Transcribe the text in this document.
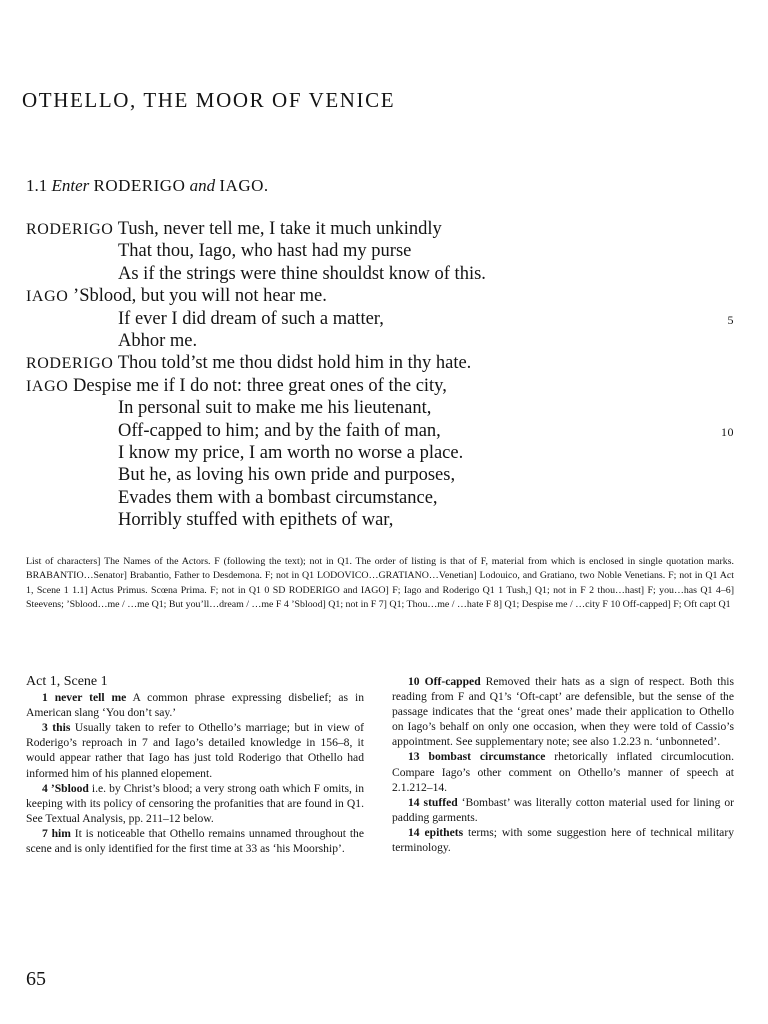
OTHELLO, THE MOOR OF VENICE
1.1 Enter RODERIGO and IAGO.
RODERIGO Tush, never tell me, I take it much unkindly
That thou, Iago, who hast had my purse
As if the strings were thine shouldst know of this.
IAGO ’Sblood, but you will not hear me.
If ever I did dream of such a matter,	5
Abhor me.
RODERIGO Thou told’st me thou didst hold him in thy hate.
IAGO Despise me if I do not: three great ones of the city,
In personal suit to make me his lieutenant,
Off-capped to him; and by the faith of man,	10
I know my price, I am worth no worse a place.
But he, as loving his own pride and purposes,
Evades them with a bombast circumstance,
Horribly stuffed with epithets of war,
List of characters] The Names of the Actors. F (following the text); not in Q1. The order of listing is that of F, material from which is enclosed in single quotation marks. BRABANTIO…Senator] Brabantio, Father to Desdemona. F; not in Q1 LODOVICO…GRATIANO…Venetian] Lodouico, and Gratiano, two Noble Venetians. F; not in Q1 Act 1, Scene 1 1.1] Actus Primus. Scœna Prima. F; not in Q1 0 SD RODERIGO and IAGO] F; Iago and Roderigo Q1 1 Tush,] Q1; not in F 2 thou…hast] F; you…has Q1 4–6] Steevens; ’Sblood…me / …me Q1; But you’ll…dream / …me F 4 ’Sblood] Q1; not in F 7] Q1; Thou…me / …hate F 8] Q1; Despise me / …city F 10 Off-capped] F; Oft capt Q1

Act 1, Scene 1

1 never tell me A common phrase expressing disbelief; as in American slang ‘You don’t say.’

3 this Usually taken to refer to Othello’s marriage; but in view of Roderigo’s reproach in 7 and Iago’s detailed knowledge in 156–8, it would appear rather that Iago has just told Roderigo that Othello had informed him of his planned elopement.

4 ’Sblood i.e. by Christ’s blood; a very strong oath which F omits, in keeping with its policy of censoring the profanities that are found in Q1. See Textual Analysis, pp. 211–12 below.

7 him It is noticeable that Othello remains unnamed throughout the scene and is only identified for the first time at 33 as ‘his Moorship’.

10 Off-capped Removed their hats as a sign of respect. Both this reading from F and Q1’s ‘Oft-capt’ are defensible, but the sense of the passage indicates that the ‘great ones’ made their application to Othello on Iago’s behalf on only one occasion, when they were told of Cassio’s appointment. See supplementary note; see also 1.2.23 n. ‘unbonneted’.

13 bombast circumstance rhetorically inflated circumlocution. Compare Iago’s other comment on Othello’s manner of speech at 2.1.212–14.

14 stuffed ‘Bombast’ was literally cotton material used for lining or padding garments.

14 epithets terms; with some suggestion here of technical military terminology.

65
